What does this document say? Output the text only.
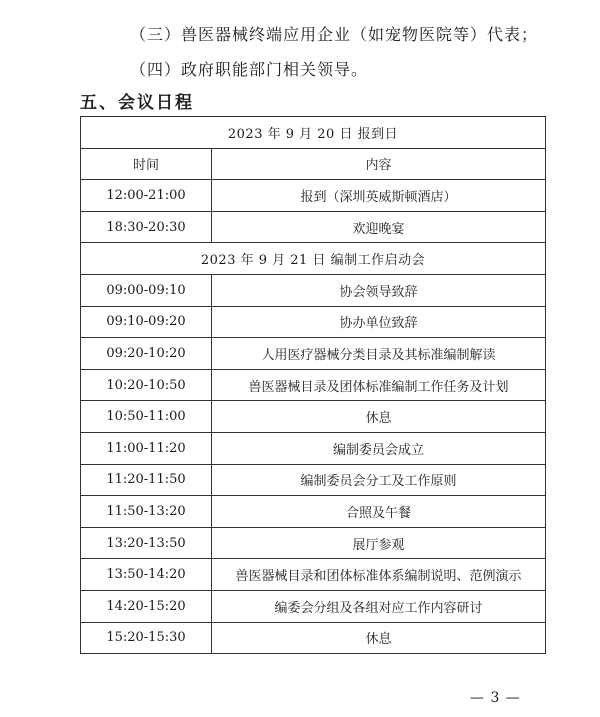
（三）兽医器械终端应用企业（如宠物医院等）代表；
（四）政府职能部门相关领导。
五、会议日程
2023 年 9 月 20 日 报到日	
时间	内容
12:00-21:00	报到（深圳英威斯顿酒店）
18:30-20:30	欢迎晚宴
2023 年 9 月 21 日 编制工作启动会	
09:00-09:10	协会领导致辞
09:10-09:20	协办单位致辞
09:20-10:20	人用医疗器械分类目录及其标准编制解读
10:20-10:50	兽医器械目录及团体标准编制工作任务及计划
10:50-11:00	休息
11:00-11:20	编制委员会成立
11:20-11:50	编制委员会分工及工作原则
11:50-13:20	合照及午餐
13:20-13:50	展厅参观
13:50-14:20	兽医器械目录和团体标准体系编制说明、范例演示
14:20-15:20	编委会分组及各组对应工作内容研讨
15:20-15:30	休息
— 3 —
